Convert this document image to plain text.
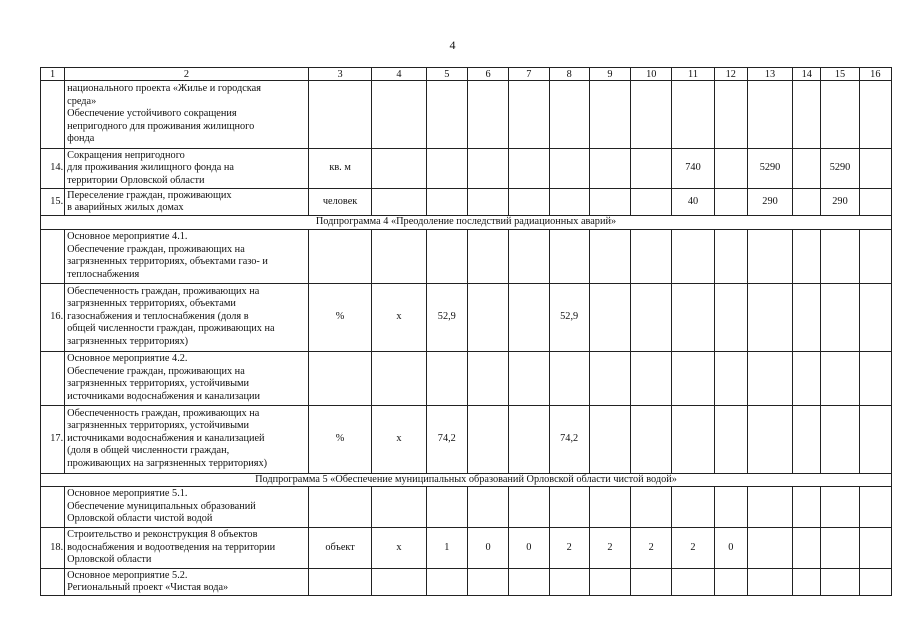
4
1	2	3	4	5	6	7	8	9	10	11	12	13	14	15	16

	национального проекта «Жилье и городская
среда»
Обеспечение устойчивого сокращения
непригодного для проживания жилищного
фонда														

14.	Сокращения непригодного
для проживания жилищного фонда на
территории Орловской области	кв. м								740		5290		5290	
15.	Переселение граждан, проживающих
в аварийных жилых домах	человек								40		290		290	
Подпрограмма 4 «Преодоление последствий радиационных аварий»															

	Основное мероприятие 4.1.
Обеспечение граждан, проживающих на
загрязненных территориях, объектами газо- и
теплоснабжения														

16.	Обеспеченность граждан, проживающих на
загрязненных территориях, объектами
газоснабжения и теплоснабжения (доля в
общей численности граждан, проживающих на
загрязненных территориях)	%	х	52,9			52,9								

	Основное мероприятие 4.2.
Обеспечение граждан, проживающих на
загрязненных территориях, устойчивыми
источниками водоснабжения и канализации														

17.	Обеспеченность граждан, проживающих на
загрязненных территориях, устойчивыми
источниками водоснабжения и канализацией
(доля в общей численности граждан,
проживающих на загрязненных территориях)	%	х	74,2			74,2								
Подпрограмма 5 «Обеспечение муниципальных образований Орловской области чистой водой»															

	Основное мероприятие 5.1.
Обеспечение муниципальных образований
Орловской области чистой водой														

18.	Строительство и реконструкция 8 объектов
водоснабжения и водоотведения на территории
Орловской области	объект	х	1	0	0	2	2	2	2	0				

	Основное мероприятие 5.2.
Региональный проект «Чистая вода»														
